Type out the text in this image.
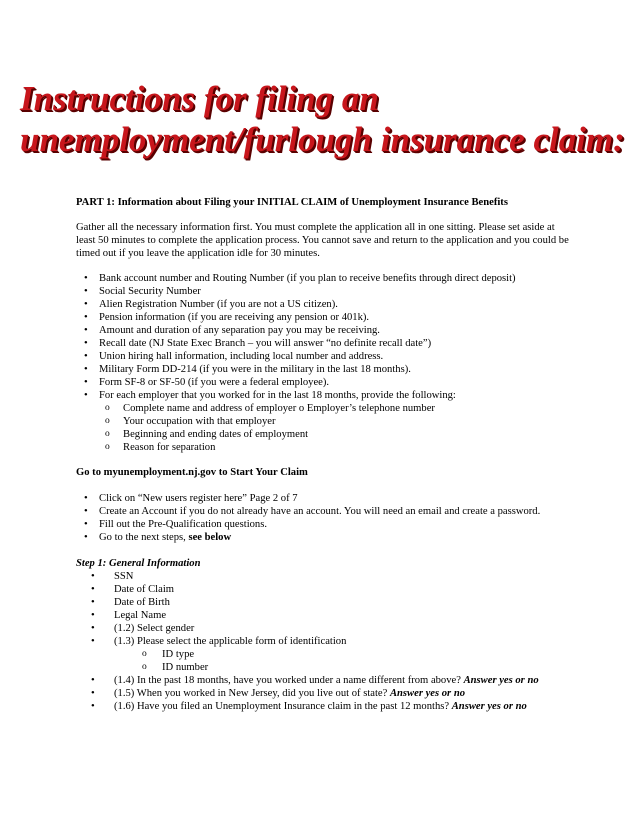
Instructions for filing an
unemployment/furlough insurance claim:

PART 1: Information about Filing your INITIAL CLAIM of Unemployment Insurance Benefits

Gather all the necessary information first. You must complete the application all in one sitting. Please set aside at least 50 minutes to complete the application process. You cannot save and return to the application and you could be timed out if you leave the application idle for 30 minutes.

• Bank account number and Routing Number (if you plan to receive benefits through direct deposit)
• Social Security Number
• Alien Registration Number (if you are not a US citizen).
• Pension information (if you are receiving any pension or 401k).
• Amount and duration of any separation pay you may be receiving.
• Recall date (NJ State Exec Branch – you will answer “no definite recall date”)
• Union hiring hall information, including local number and address.
• Military Form DD-214 (if you were in the military in the last 18 months).
• Form SF-8 or SF-50 (if you were a federal employee).
• For each employer that you worked for in the last 18 months, provide the following:
o Complete name and address of employer o Employer’s telephone number
o Your occupation with that employer
o Beginning and ending dates of employment
o Reason for separation

Go to myunemployment.nj.gov to Start Your Claim

• Click on “New users register here” Page 2 of 7
• Create an Account if you do not already have an account. You will need an email and create a password.
• Fill out the Pre-Qualification questions.
• Go to the next steps, see below

Step 1: General Information

• SSN
• Date of Claim
• Date of Birth
• Legal Name
• (1.2) Select gender
• (1.3) Please select the applicable form of identification
o ID type
o ID number
• (1.4) In the past 18 months, have you worked under a name different from above? Answer yes or no
• (1.5) When you worked in New Jersey, did you live out of state? Answer yes or no
• (1.6) Have you filed an Unemployment Insurance claim in the past 12 months? Answer yes or no
